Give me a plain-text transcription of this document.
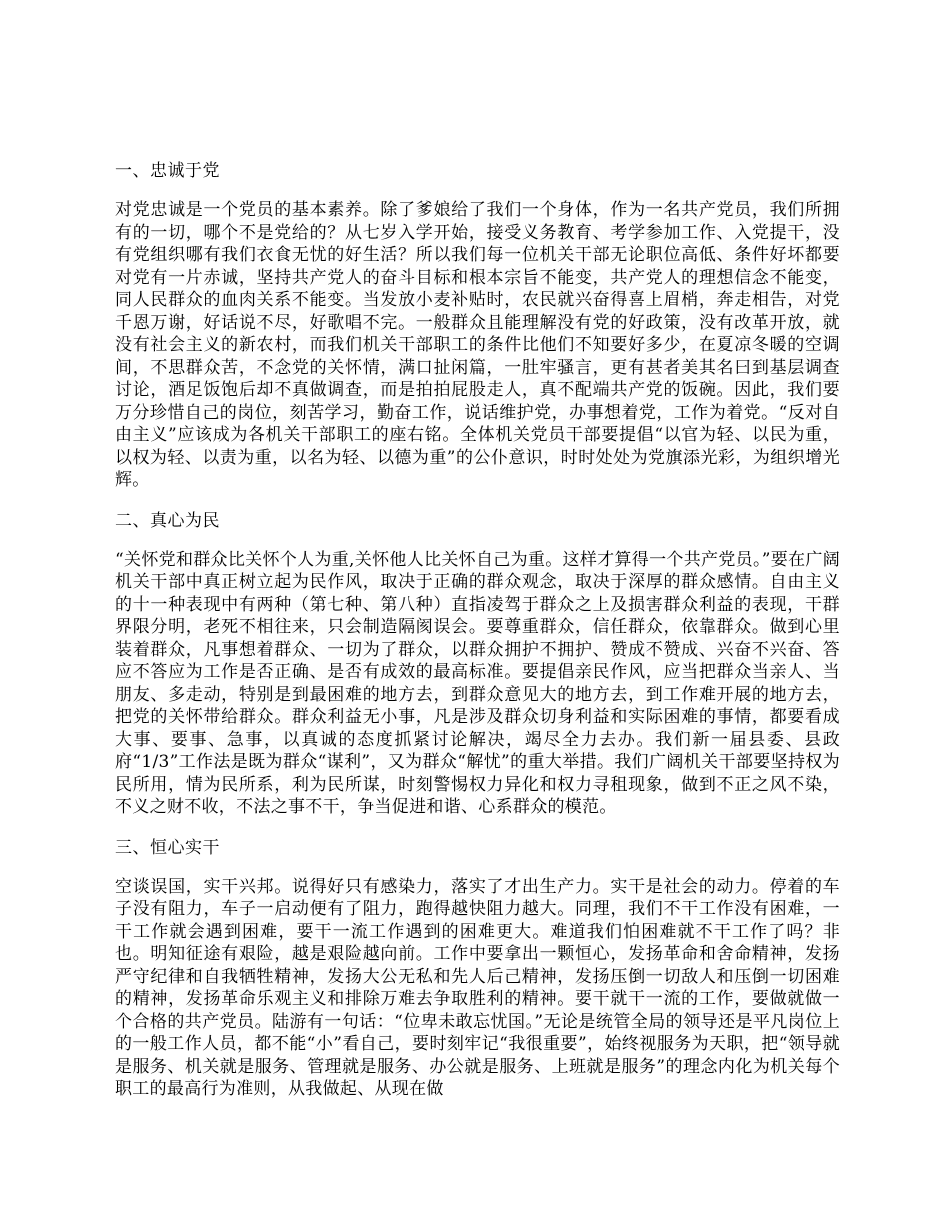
一、忠诚于党
对党忠诚是一个党员的基本素养。除了爹娘给了我们一个身体，作为一名共产党员，我们所拥有的一切，哪个不是党给的？从七岁入学开始，接受义务教育、考学参加工作、入党提干，没有党组织哪有我们衣食无忧的好生活？所以我们每一位机关干部无论职位高低、条件好坏都要对党有一片赤诚，坚持共产党人的奋斗目标和根本宗旨不能变，共产党人的理想信念不能变，同人民群众的血肉关系不能变。当发放小麦补贴时，农民就兴奋得喜上眉梢，奔走相告，对党千恩万谢，好话说不尽，好歌唱不完。一般群众且能理解没有党的好政策，没有改革开放，就没有社会主义的新农村，而我们机关干部职工的条件比他们不知要好多少，在夏凉冬暖的空调间，不思群众苦，不念党的关怀情，满口扯闲篇，一肚牢骚言，更有甚者美其名曰到基层调查讨论，酒足饭饱后却不真做调查，而是拍拍屁股走人，真不配端共产党的饭碗。因此，我们要万分珍惜自己的岗位，刻苦学习，勤奋工作，说话维护党，办事想着党，工作为着党。“反对自由主义”应该成为各机关干部职工的座右铭。全体机关党员干部要提倡“以官为轻、以民为重，以权为轻、以责为重，以名为轻、以德为重”的公仆意识，时时处处为党旗添光彩，为组织增光辉。
二、真心为民
“关怀党和群众比关怀个人为重,关怀他人比关怀自己为重。这样才算得一个共产党员。”要在广阔机关干部中真正树立起为民作风，取决于正确的群众观念，取决于深厚的群众感情。自由主义的十一种表现中有两种（第七种、第八种）直指凌驾于群众之上及损害群众利益的表现，干群界限分明，老死不相往来，只会制造隔阂误会。要尊重群众，信任群众，依靠群众。做到心里装着群众，凡事想着群众、一切为了群众，以群众拥护不拥护、赞成不赞成、兴奋不兴奋、答应不答应为工作是否正确、是否有成效的最高标准。要提倡亲民作风，应当把群众当亲人、当朋友、多走动，特别是到最困难的地方去，到群众意见大的地方去，到工作难开展的地方去，把党的关怀带给群众。群众利益无小事，凡是涉及群众切身利益和实际困难的事情，都要看成大事、要事、急事，以真诚的态度抓紧讨论解决，竭尽全力去办。我们新一届县委、县政府“1/3”工作法是既为群众“谋利”，又为群众“解忧”的重大举措。我们广阔机关干部要坚持权为民所用，情为民所系，利为民所谋，时刻警惕权力异化和权力寻租现象，做到不正之风不染，不义之财不收，不法之事不干，争当促进和谐、心系群众的模范。
三、恒心实干
空谈误国，实干兴邦。说得好只有感染力，落实了才出生产力。实干是社会的动力。停着的车子没有阻力，车子一启动便有了阻力，跑得越快阻力越大。同理，我们不干工作没有困难，一干工作就会遇到困难，要干一流工作遇到的困难更大。难道我们怕困难就不干工作了吗？非也。明知征途有艰险，越是艰险越向前。工作中要拿出一颗恒心，发扬革命和舍命精神，发扬严守纪律和自我牺牲精神，发扬大公无私和先人后己精神，发扬压倒一切敌人和压倒一切困难的精神，发扬革命乐观主义和排除万难去争取胜利的精神。要干就干一流的工作，要做就做一个合格的共产党员。陆游有一句话：“位卑未敢忘忧国。”无论是统管全局的领导还是平凡岗位上的一般工作人员，都不能“小”看自己，要时刻牢记“我很重要”，始终视服务为天职，把“领导就是服务、机关就是服务、管理就是服务、办公就是服务、上班就是服务”的理念内化为机关每个职工的最高行为准则，从我做起、从现在做
